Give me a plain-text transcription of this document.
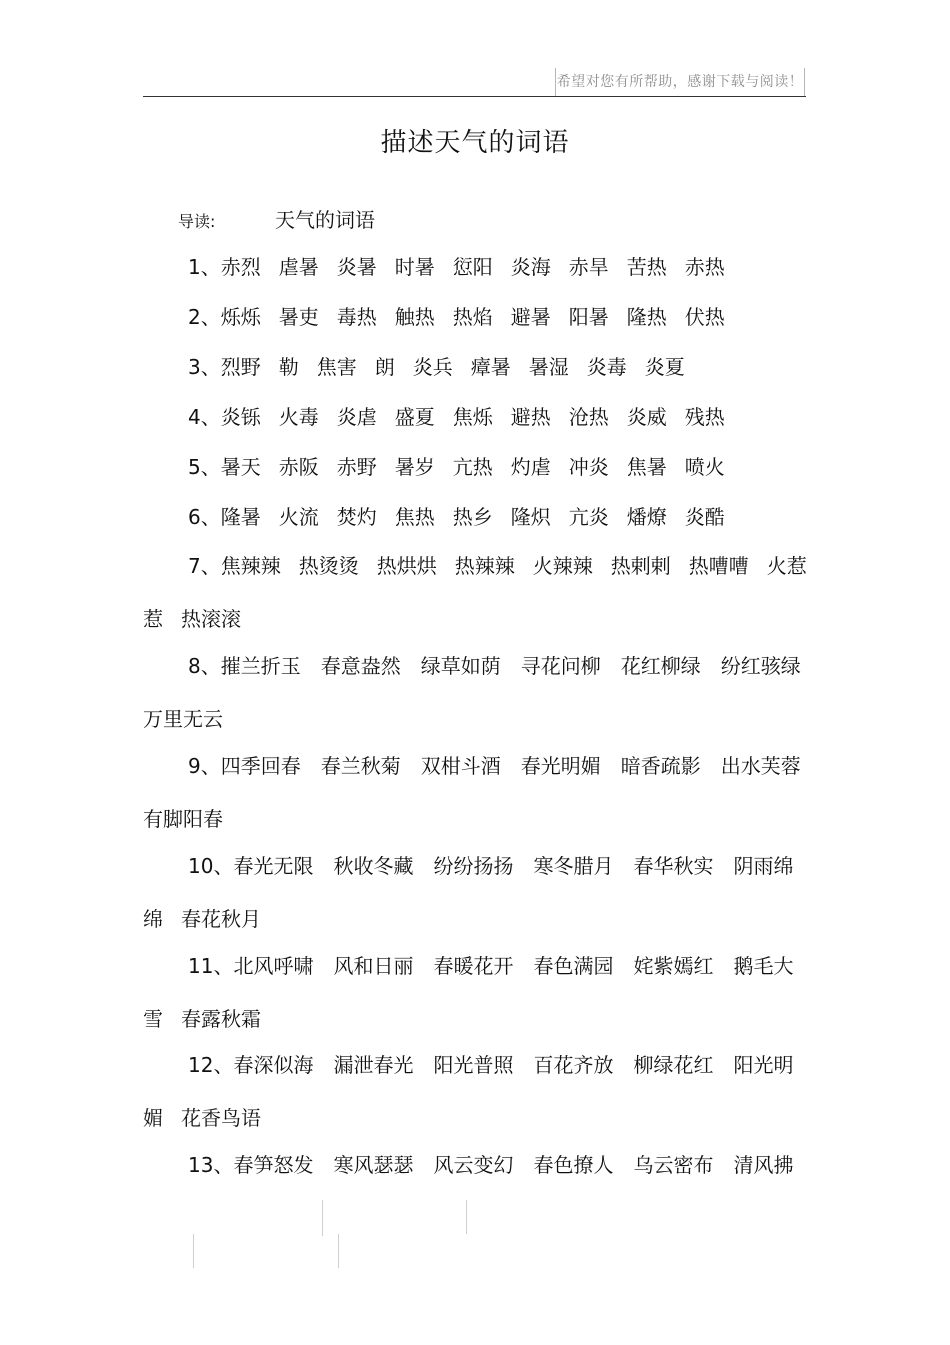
希望对您有所帮助，感谢下载与阅读！
描述天气的词语
导读:	天气的词语
1、赤烈 虐暑 炎暑 时暑 愆阳 炎海 赤旱 苦热 赤热
2、烁烁 暑吏 毒热 触热 热焰 避暑 阳暑 隆热 伏热
3、烈野 勒 焦害 朗 炎兵 瘴暑 暑湿 炎毒 炎夏
4、炎铄 火毒 炎虐 盛夏 焦烁 避热 沧热 炎威 残热
5、暑天 赤阪 赤野 暑岁 亢热 灼虐 冲炎 焦暑 喷火
6、隆暑 火流 焚灼 焦热 热乡 隆炽 亢炎 燔燎 炎酷
7、焦辣辣 热烫烫 热烘烘 热辣辣 火辣辣 热剌剌 热嘈嘈 火惹
惹 热滚滚
8、摧兰折玉 春意盎然 绿草如荫 寻花问柳 花红柳绿 纷红骇绿
万里无云
9、四季回春 春兰秋菊 双柑斗酒 春光明媚 暗香疏影 出水芙蓉
有脚阳春
10、春光无限 秋收冬藏 纷纷扬扬 寒冬腊月 春华秋实 阴雨绵
绵 春花秋月
11、北风呼啸 风和日丽 春暖花开 春色满园 姹紫嫣红 鹅毛大
雪 春露秋霜
12、春深似海 漏泄春光 阳光普照 百花齐放 柳绿花红 阳光明
媚 花香鸟语
13、春笋怒发 寒风瑟瑟 风云变幻 春色撩人 乌云密布 清风拂
